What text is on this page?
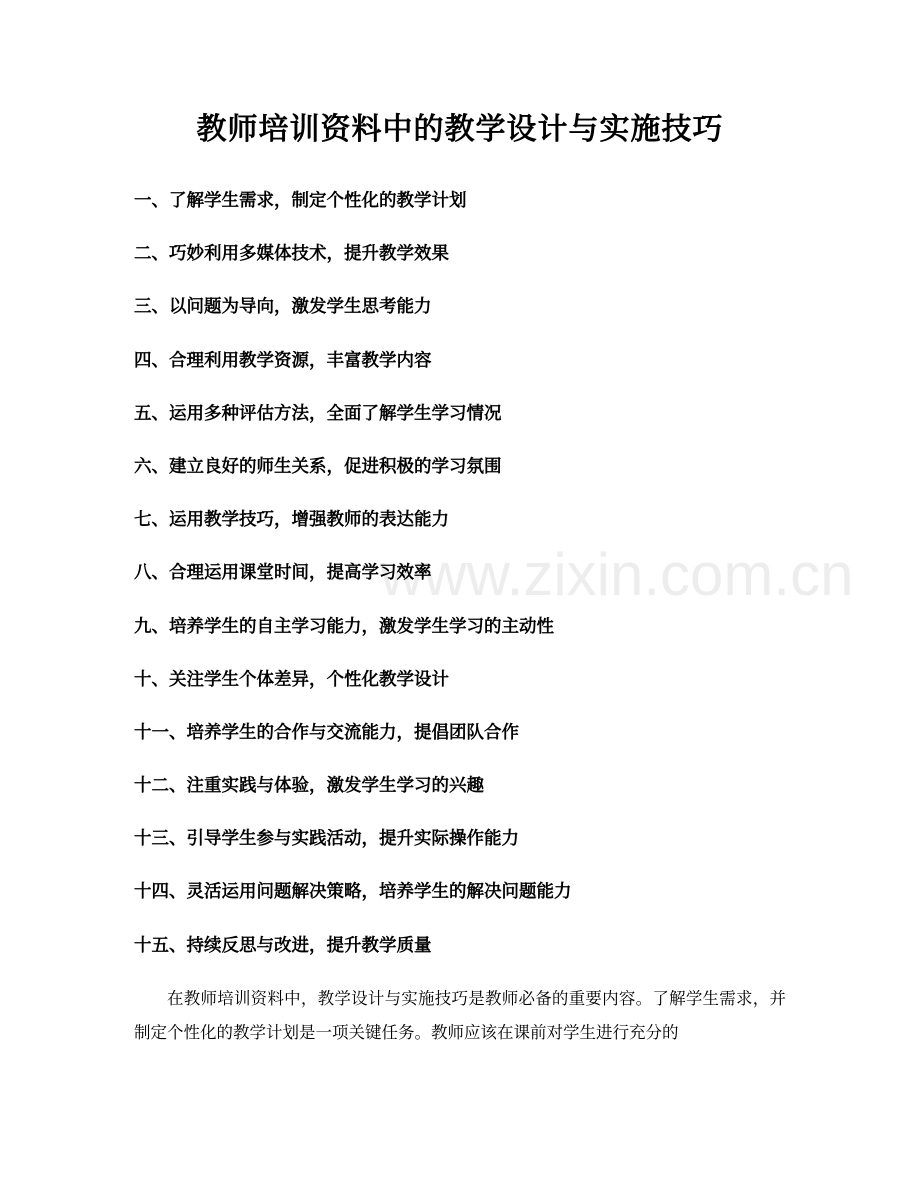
www.zixin.com.cn
教师培训资料中的教学设计与实施技巧
一、了解学生需求，制定个性化的教学计划
二、巧妙利用多媒体技术，提升教学效果
三、以问题为导向，激发学生思考能力
四、合理利用教学资源，丰富教学内容
五、运用多种评估方法，全面了解学生学习情况
六、建立良好的师生关系，促进积极的学习氛围
七、运用教学技巧，增强教师的表达能力
八、合理运用课堂时间，提高学习效率
九、培养学生的自主学习能力，激发学生学习的主动性
十、关注学生个体差异，个性化教学设计
十一、培养学生的合作与交流能力，提倡团队合作
十二、注重实践与体验，激发学生学习的兴趣
十三、引导学生参与实践活动，提升实际操作能力
十四、灵活运用问题解决策略，培养学生的解决问题能力
十五、持续反思与改进，提升教学质量

在教师培训资料中，教学设计与实施技巧是教师必备的重要内容。了解学生需求，并制定个性化的教学计划是一项关键任务。教师应该在课前对学生进行充分的
